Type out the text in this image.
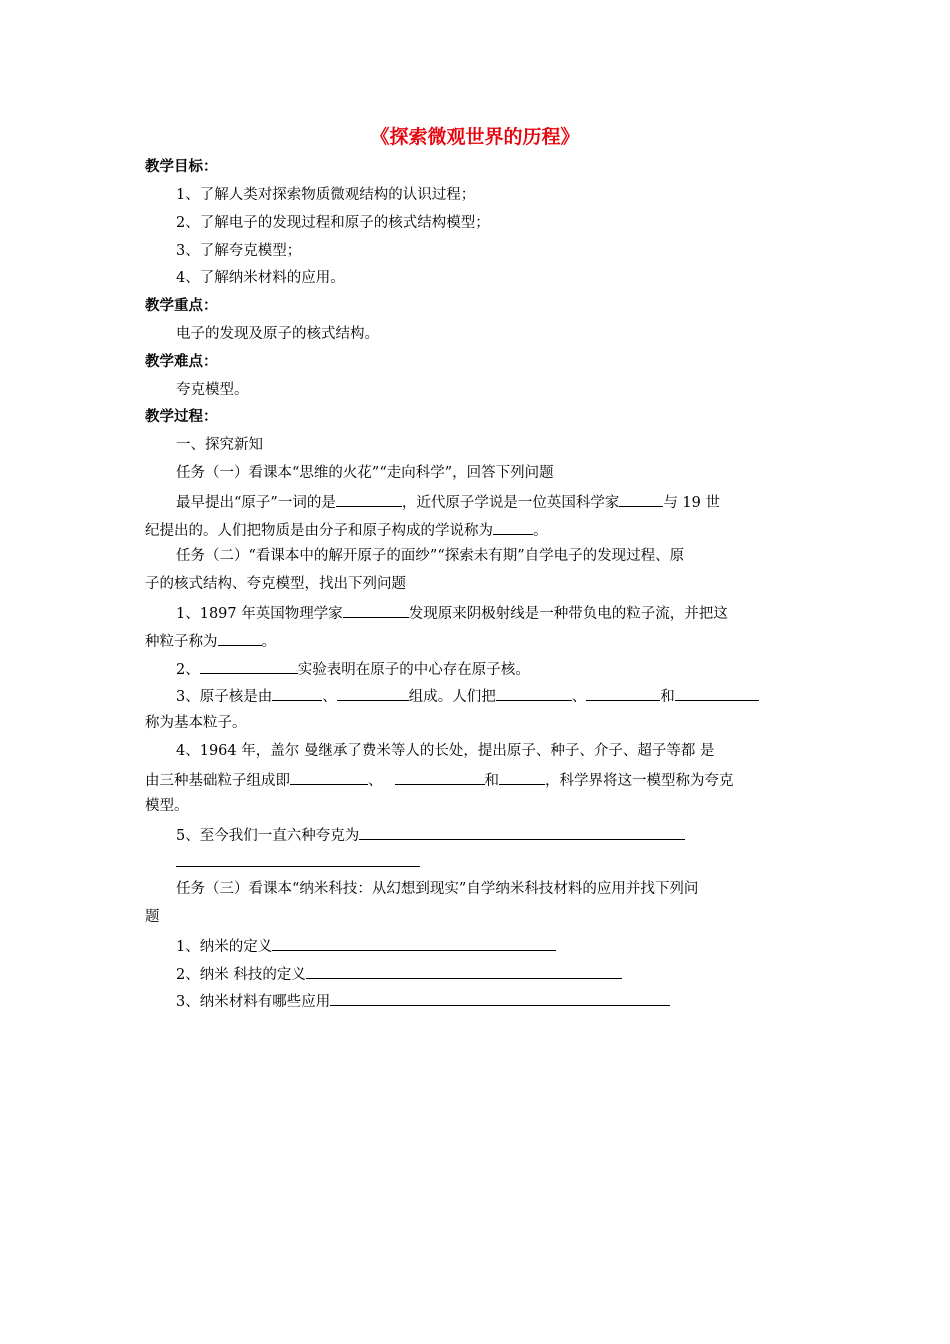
《探索微观世界的历程》
教学目标：
1、了解人类对探索物质微观结构的认识过程；
2、了解电子的发现过程和原子的核式结构模型；
3、了解夸克模型；
4、了解纳米材料的应用。
教学重点：
电子的发现及原子的核式结构。
教学难点：
夸克模型。
教学过程：
一、探究新知
任务（一）看课本“思维的火花”“走向科学”，回答下列问题
最早提出“原子”一词的是	，近代原子学说是一位英国科学家	与 19 世
纪提出的。人们把物质是由分子和原子构成的学说称为	。
任务（二）“看课本中的解开原子的面纱”“探索未有期”自学电子的发现过程、原
子的核式结构、夸克模型，找出下列问题
1、1897 年英国物理学家	发现原来阴极射线是一种带负电的粒子流，并把这
种粒子称为	。
2、	实验表明在原子的中心存在原子核。
3、原子核是由	、	组成。人们把	、	和
称为基本粒子。
4、1964 年，盖尔 曼继承了费米等人的长处，提出原子、种子、介子、超子等都 是
由三种基础粒子组成即	、	和	，科学界将这一模型称为夸克
模型。
5、至今我们一直六种夸克为
任务（三）看课本“纳米科技：从幻想到现实”自学纳米科技材料的应用并找下列问
题
1、纳米的定义
2、纳米 科技的定义
3、纳米材料有哪些应用
